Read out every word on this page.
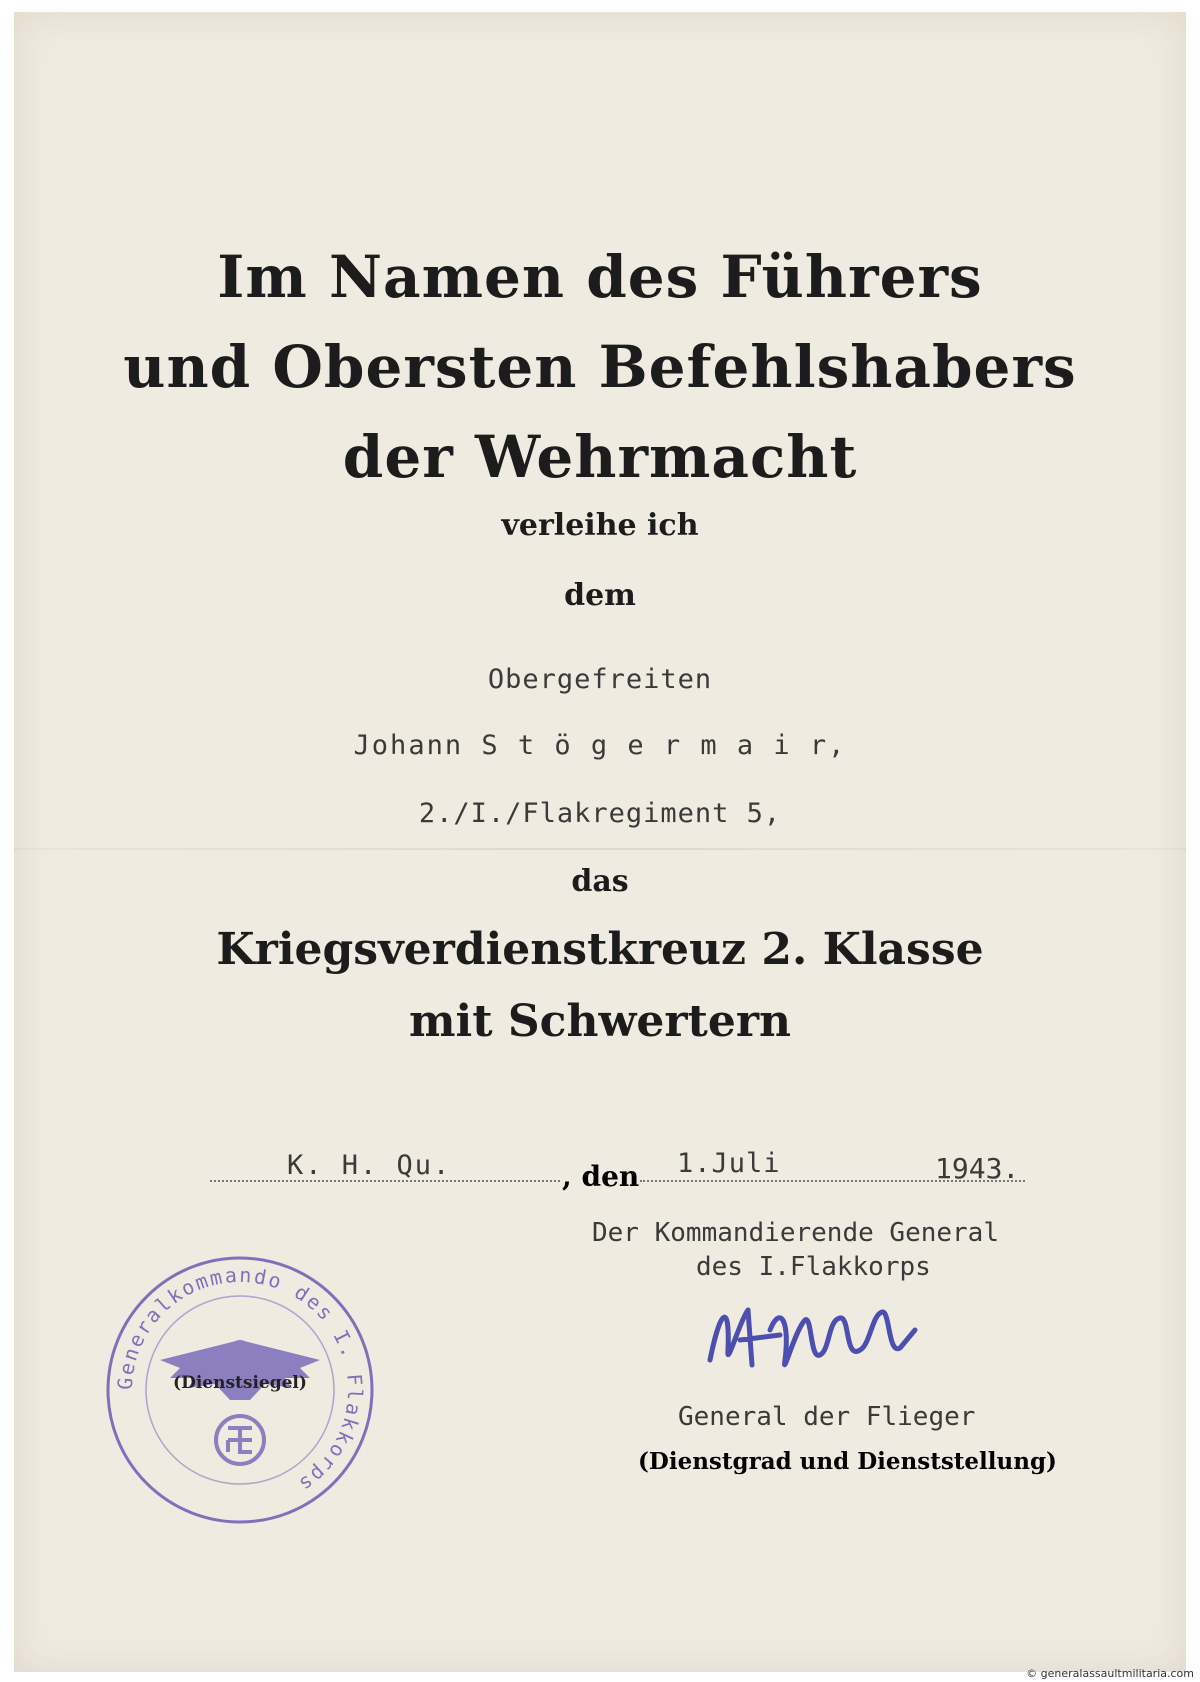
Im Namen des Führers
und Obersten Befehlshabers
der Wehrmacht
verleihe ich
dem
Obergefreiten
Johann S t ö g e r m a i r,
2./I./Flakregiment 5,
das
Kriegsverdienstkreuz 2. Klasse
mit Schwertern
K. H. Qu.	, den 1.Juli	1943.
Der Kommandierende General
des I.Flakkorps
General der Flieger
(Dienstgrad und Dienststellung)
Generalkommando des I. Flakkorps
(Dienstsiegel)
© generalassaultmilitaria.com
